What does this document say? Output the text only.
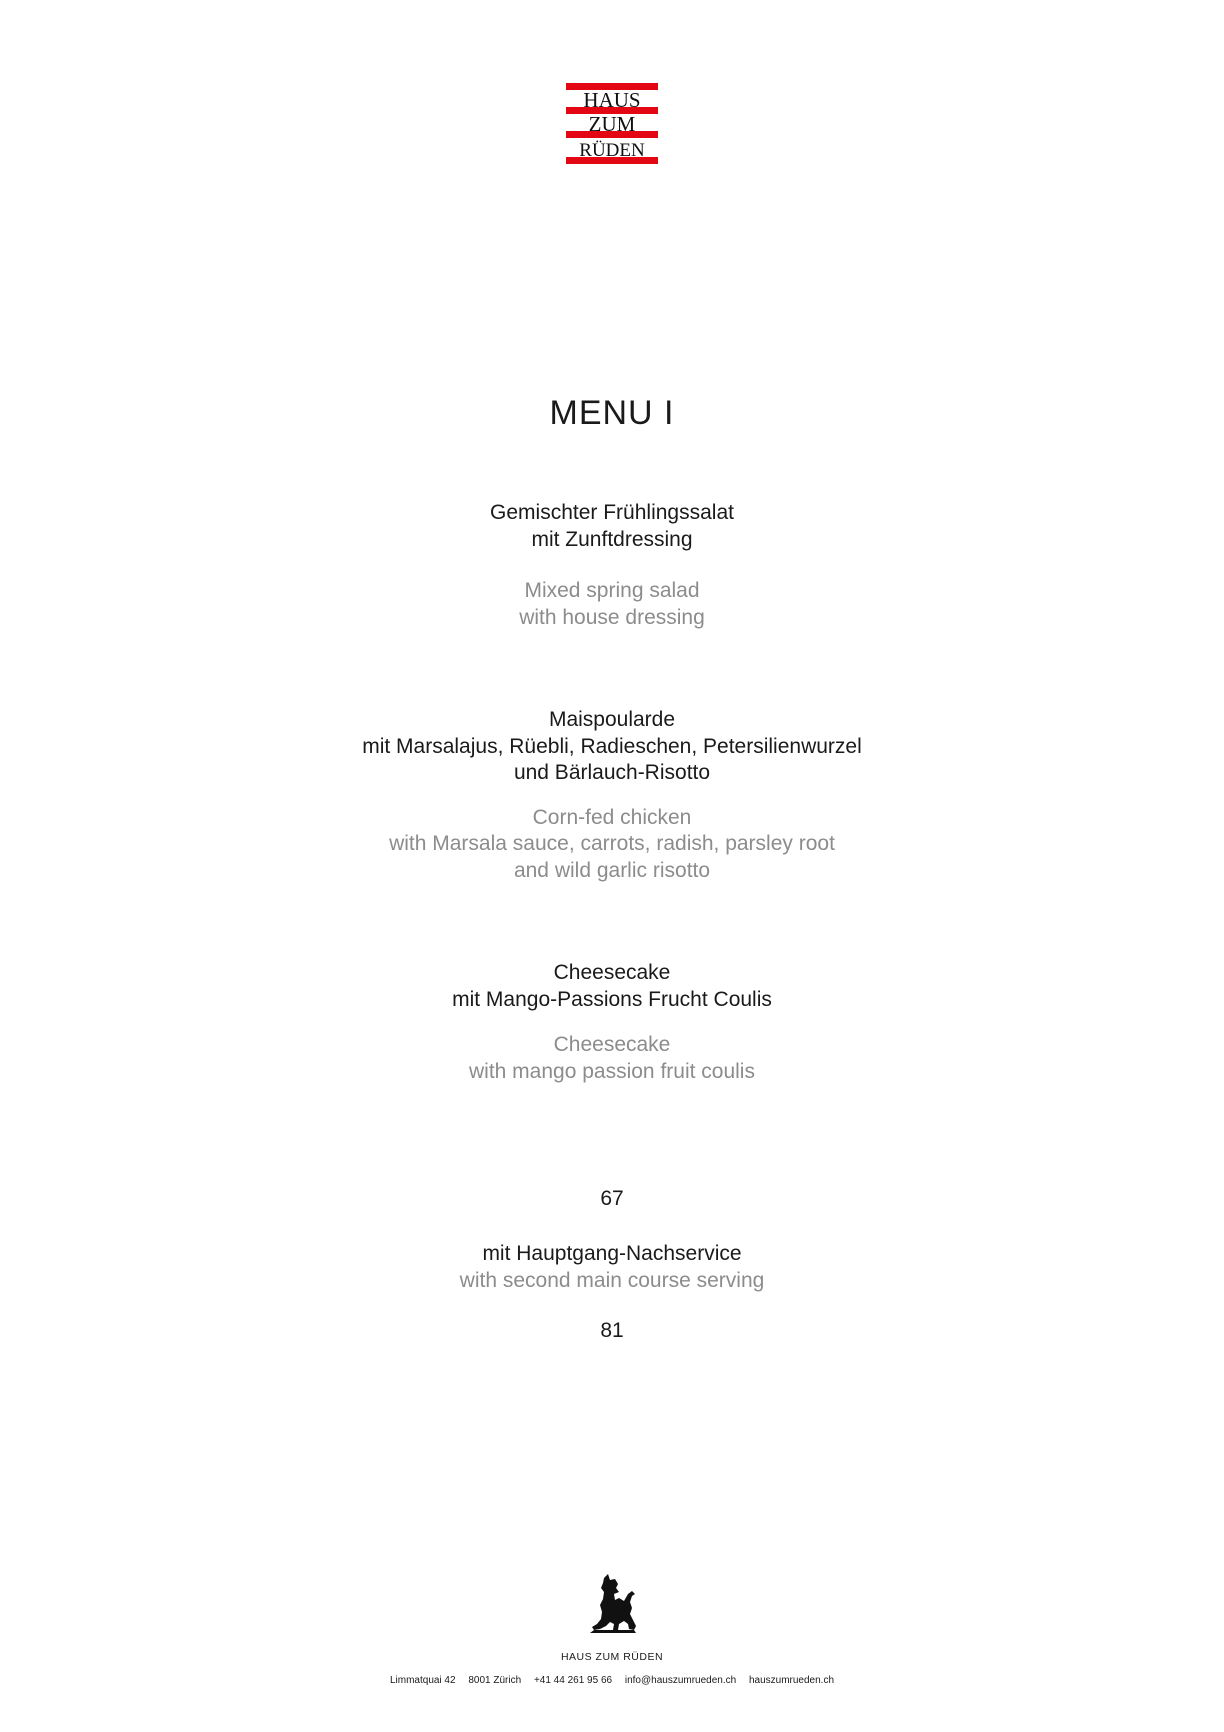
HAUS
ZUM
RÜDEN
MENU I
Gemischter Frühlingssalat
mit Zunftdressing
Mixed spring salad
with house dressing
Maispoularde
mit Marsalajus, Rüebli, Radieschen, Petersilienwurzel
und Bärlauch-Risotto
Corn-fed chicken
with Marsala sauce, carrots, radish, parsley root
and wild garlic risotto
Cheesecake
mit Mango-Passions Frucht Coulis
Cheesecake
with mango passion fruit coulis
67
mit Hauptgang-Nachservice
with second main course serving
81
HAUS ZUM RÜDEN
Limmatquai 42 8001 Zürich +41 44 261 95 66 info@hauszumrueden.ch hauszumrueden.ch
